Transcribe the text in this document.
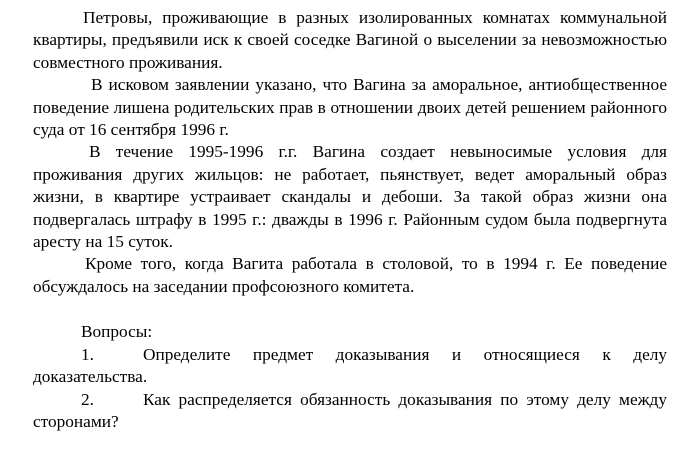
Петровы, проживающие в разных изолированных комнатах коммунальной квартиры, предъявили иск к своей соседке Вагиной о выселении за невозможностью совместного проживания.

В исковом заявлении указано, что Вагина за аморальное, антиобщественное поведение лишена родительских прав в отношении двоих детей решением районного суда от 16 сентября 1996 г.

В течение 1995-1996 г.г. Вагина создает невыносимые условия для проживания других жильцов: не работает, пьянствует, ведет аморальный образ жизни, в квартире устраивает скандалы и дебоши. За такой образ жизни она подвергалась штрафу в 1995 г.: дважды в 1996 г. Районным судом была подвергнута аресту на 15 суток.

Кроме того, когда Вагита работала в столовой, то в 1994 г. Ее поведение обсуждалось на заседании профсоюзного комитета.

Вопросы:

1.	Определите предмет доказывания и относящиеся к делу доказательства.

2.	Как распределяется обязанность доказывания по этому делу между сторонами?
